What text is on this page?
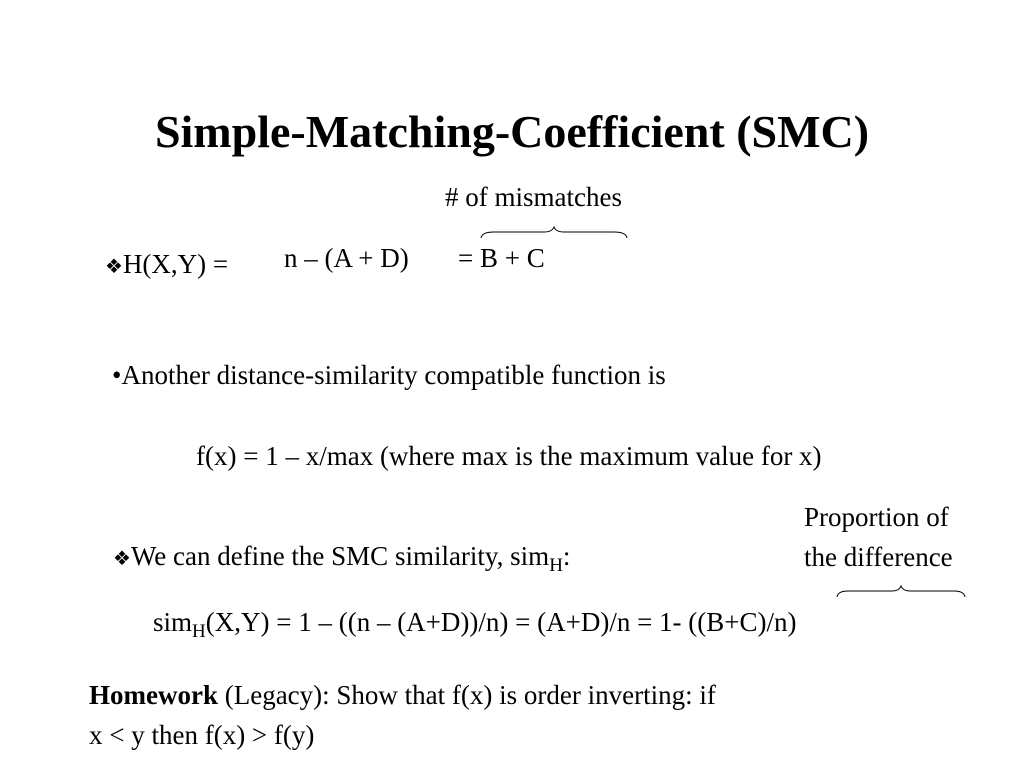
Simple-Matching-Coefficient (SMC)
# of mismatches
❖H(X,Y) = n – (A + D) = B + C
•Another distance-similarity compatible function is
f(x) = 1 – x/max (where max is the maximum value for x)
Proportion of
the difference
❖We can define the SMC similarity, sim$_H$:
sim$_H$(X,Y) = 1 – ((n – (A+D))/n) = (A+D)/n = 1- ((B+C)/n)
Homework (Legacy): Show that f(x) is order inverting: if
x < y then f(x) > f(y)
